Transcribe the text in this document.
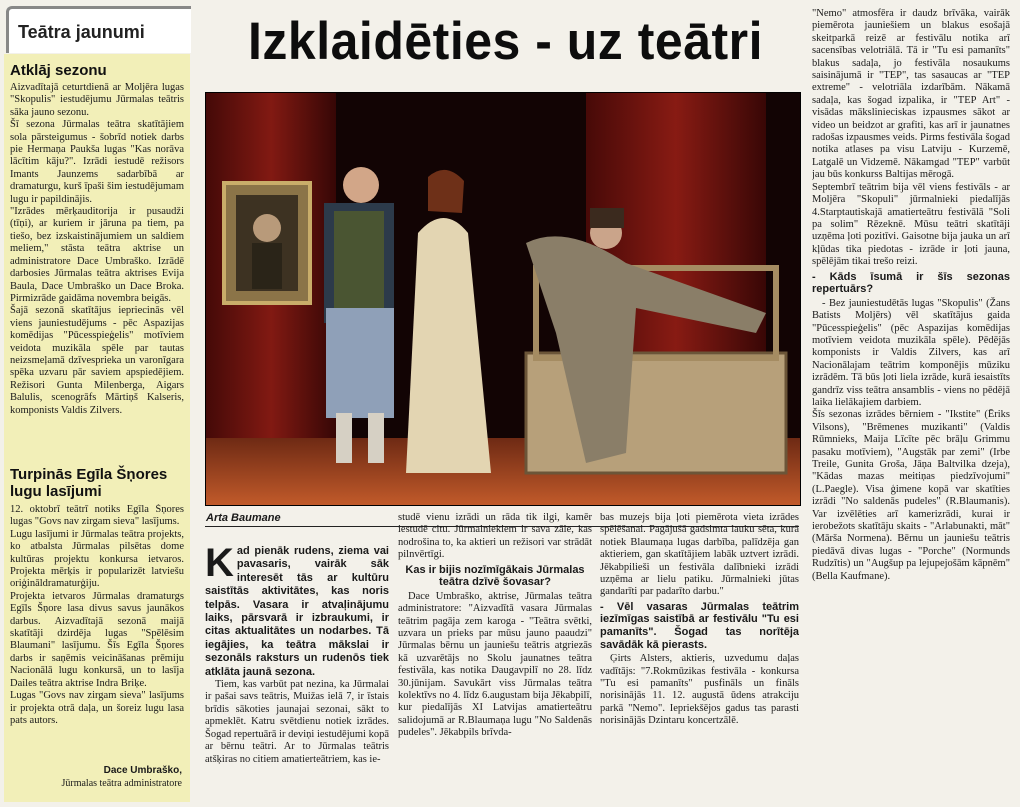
Teātra jaunumi
Atklāj sezonu
Aizvadītajā ceturtdienā ar Moljēra lugas "Skopulis" iestudējumu Jūrmalas teātris sāka jauno sezonu.
Šī sezona Jūrmalas teātra skatītājiem sola pārsteigumus - šobrīd notiek darbs pie Hermaņa Paukša lugas "Kas norāva lācītim kāju?". Izrādi iestudē režisors Imants Jaunzems sadarbībā ar dramaturgu, kurš īpaši šim iestudējumam lugu ir papildinājis.
"Izrādes mērķauditorija ir pusaudži (tīņi), ar kuriem ir jāruna pa tiem, pa tiešo, bez izskaistinājumiem un saldiem meliem," stāsta teātra aktrise un administratore Dace Umbraško. Izrādē darbosies Jūrmalas teātra aktrises Evija Baula, Dace Umbraško un Dace Broka. Pirmizrāde gaidāma novembra beigās.
Šajā sezonā skatītājus iepriecinās vēl viens jauniestudējums - pēc Aspazijas komēdijas "Pūcesspieģelis" motīviem veidota muzikāla spēle par tautas neizsmeļamā dzīvesprieka un varonīgara spēka uzvaru pār saviem apspiedējiem. Režisori Gunta Milenberga, Aigars Balulis, scenogrāfs Mārtiņš Kalseris, komponists Valdis Zilvers.
Turpinās Egīla Šņores lugu lasījumi
12. oktobrī teātrī notiks Egīla Šņores lugas "Govs nav zirgam sieva" lasījums.
Lugu lasījumi ir Jūrmalas teātra projekts, ko atbalsta Jūrmalas pilsētas dome kultūras projektu konkursa ietvaros. Projekta mērķis ir popularizēt latviešu oriģināldramaturģiju.
Projekta ietvaros Jūrmalas dramaturgs Egīls Šņore lasa divus savus jaunākos darbus. Aizvadītajā sezonā maijā skatītāji dzirdēja lugas "Spēlēsim Blaumani" lasījumu. Šīs Egīla Šņores darbs ir saņēmis veicināšanas prēmiju Nacionālā lugu konkursā, un to lasīja Dailes teātra aktrise Indra Briķe.
Lugas "Govs nav zirgam sieva" lasījums ir projekta otrā daļa, un šoreiz lugu lasa pats autors.
Dace Umbraško,
Jūrmalas teātra administratore
Izklaidēties - uz teātri
Arta Baumane
Kad pienāk rudens, ziema vai pavasaris, vairāk sāk interesēt tās ar kultūru saistītās aktivitātes, kas noris telpās. Vasara ir atvaļinājumu laiks, pārsvarā ir izbraukumi, ir citas aktualitātes un nodarbes. Tā iegājies, ka teātra mākslai ir sezonāls raksturs un rudenōs tiek atklāta jaunā sezona.

Tiem, kas varbūt pat nezina, ka Jūrmalai ir pašai savs teātris, Muižas ielā 7, ir īstais brīdis sākoties jaunajai sezonai, sākt to apmeklēt. Katru svētdienu notiek izrādes. Šogad repertuārā ir deviņi iestudējumi kopā ar bērnu teātri. Ar to Jūrmalas teātris atšķiras no citiem amatierteātriem, kas ie-

studē vienu izrādi un rāda tik ilgi, kamēr iestudē citu. Jūrmalniekiem ir sava zāle, kas nodrošina to, ka aktieri un režisori var strādāt pilnvērtīgi.

Kas ir bijis nozīmīgākais Jūrmalas teātra dzīvē šovasar?

Dace Umbraško, aktrise, Jūrmalas teātra administratore: "Aizvadītā vasara Jūrmalas teātrim pagāja zem karoga - "Teātra svētki, uzvara un prieks par mūsu jauno paaudzi" Jūrmalas bērnu un jauniešu teātris atgriezās kā uzvarētājs no Skolu jaunatnes teātra festivāla, kas notika Daugavpilī no 28. līdz 30.jūnijam. Savukārt viss Jūrmalas teātra kolektīvs no 4. līdz 6.augustam bija Jēkabpilī, kur piedalījās XI Latvijas amatierteātru salidojumā ar R.Blaumaņa lugu "No Saldenās pudeles". Jēkabpils brīvda-

bas muzejs bija ļoti piemērota vieta izrādes spēlēšanai. Pagājušā gadsimta lauku sēta, kurā notiek Blaumaņa lugas darbība, palīdzēja gan aktieriem, gan skatītājiem labāk uztvert izrādi. Jēkabpilieši un festivāla dalībnieki izrādi uzņēma ar lielu patiku. Jūrmalnieki jūtas gandarīti par padarīto darbu."

- Vēl vasaras Jūrmalas teātrim iezīmīgas saistībā ar festivālu "Tu esi pamanīts". Šogad tas norītēja savādāk kā pierasts.

Ģirts Alsters, aktieris, uzvedumu daļas vadītājs: "7.Rokmūzikas festivāla - konkursa "Tu esi pamanīts" pusfināls un fināls norisinājās 11. 12. augustā ūdens atrakciju parkā "Nemo". Iepriekšējos gadus tas parasti norisinājās Dzintaru koncertzālē.

"Nemo" atmosfēra ir daudz brīvāka, vairāk piemērota jauniešiem un blakus esošajā skeitparkā reizē ar festivālu notika arī sacensības velotriālā. Tā ir "Tu esi pamanīts" blakus sadaļa, jo festivāla nosaukums saisinājumā ir "TEP", tas sasaucas ar "TEP extreme" - velotriāla izdarībām. Nākamā sadaļa, kas šogad izpalika, ir "TEP Art" - visādas mākslinieciskas izpausmes sākot ar video un beidzot ar grafiti, kas arī ir jaunatnes radošas izpausmes veids. Pirms festivāla šogad notika atlases pa visu Latviju - Kurzemē, Latgalē un Vidzemē. Nākamgad "TEP" varbūt jau būs konkurss Baltijas mērogā.
Septembrī teātrim bija vēl viens festivāls - ar Moljēra "Skopuli" jūrmalnieki piedalījās 4.Starptautiskajā amatierteātru festivālā "Soli pa solim" Rēzeknē. Mūsu teātri skatītāji uzņēma ļoti pozitīvi. Gaisotne bija jauka un arī kļūdas tika piedotas - izrāde ir ļoti jauna, spēlējām tikai trešo reizi.

- Kāds īsumā ir šīs sezonas repertuārs?

- Bez jauniestudētās lugas "Skopulis" (Žans Batists Moljērs) vēl skatītājus gaida "Pūcesspieģelis" (pēc Aspazijas komēdijas motīviem veidota muzikāla spēle). Pēdējās komponists ir Valdis Zilvers, kas arī Nacionālajam teātrim komponējis mūziku izrādēm. Tā būs ļoti liela izrāde, kurā iesaistīts gandrīz viss teātra ansamblis - viens no pēdējā laika lielākajiem darbiem.
Šīs sezonas izrādes bērniem - "Ikstite" (Ēriks Vilsons), "Brēmenes muzikanti" (Valdis Rūmnieks, Maija Līcīte pēc brāļu Grimmu pasaku motīviem), "Augstāk par zemi" (Irbe Treile, Gunita Groša, Jāņa Baltvilka dzeja), "Kādas mazas meitiņas piedzīvojumi" (L.Paegle). Visa ģimene kopā var skatīties izrādi "No saldenās pudeles" (R.Blaumanis). Var izvēlēties arī kamerizrādi, kurai ir ierobežots skatītāju skaits - "Arlabunakti, māt" (Mārša Normena). Bērnu un jauniešu teātris piedāvā divas lugas - "Porche" (Normunds Rudzītis) un "Augšup pa lejupejošām kāpnēm" (Bella Kaufmane).
